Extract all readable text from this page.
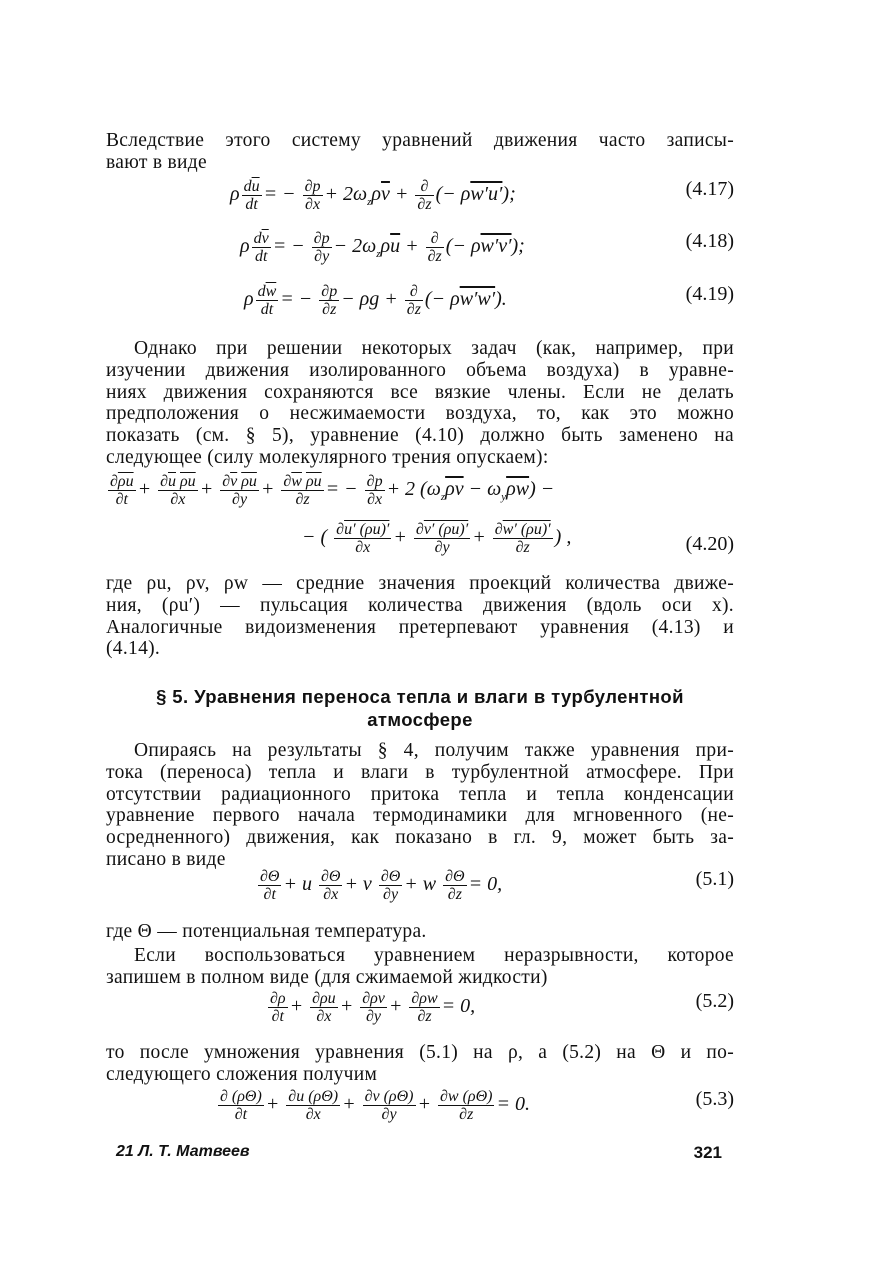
Вследствие этого систему уравнений движения часто записы-
вают в виде
ρ $\frac{d\overline{u}}{dt}$ = − $\frac{\partial p}{\partial x} + 2\omega_z\rho\overline{v} + \frac{\partial}{\partial z}$ (− ρw′u′);	(4.17)
ρ $\frac{d\overline{v}}{dt}$ = − $\frac{\partial p}{\partial y} - 2\omega_z\rho\overline{u} + \frac{\partial}{\partial z}$ (− ρw′v′);	(4.18)
ρ $\frac{d\overline{w}}{dt}$ = − $\frac{\partial p}{\partial z} - \rho g + \frac{\partial}{\partial z}$ (− ρw′w′).	(4.19)
Однако при решении некоторых задач (как, например, при
изучении движения изолированного объема воздуха) в уравне-
ниях движения сохраняются все вязкие члены. Если не делать
предположения о несжимаемости воздуха, то, как это можно
показать (см. § 5), уравнение (4.10) должно быть заменено на
следующее (силу молекулярного трения опускаем):
$\frac{\partial\overline{\rho u}}{\partial t} + \frac{\partial\overline{u} \overline{\rho u}}{\partial x} + \frac{\partial\overline{v} \overline{\rho u}}{\partial y} + \frac{\partial\overline{w} \overline{\rho u}}{\partial z}$ = − $\frac{\partial p}{\partial x} + 2$ $(\omega_z\overline{\rho v} - \omega_y\overline{\rho w})$ −
− ( $\frac{\partial u' (\rho u)'}{\partial x} + \frac{\partial v' (\rho u)'}{\partial y} + \frac{\partial w' (\rho u)'}{\partial z}$ ) ,	(4.20)
где ρu, ρv, ρw — средние значения проекций количества движе-
ния, (ρu′) — пульсация количества движения (вдоль оси x).
Аналогичные видоизменения претерпевают уравнения (4.13) и
(4.14).
§ 5. Уравнения переноса тепла и влаги в турбулентной
атмосфере
Опираясь на результаты § 4, получим также уравнения при-
тока (переноса) тепла и влаги в турбулентной атмосфере. При
отсутствии радиационного притока тепла и тепла конденсации
уравнение первого начала термодинамики для мгновенного (не-
осредненного) движения, как показано в гл. 9, может быть за-
писано в виде
$\frac{\partial\Theta}{\partial t} + u \frac{\partial\Theta}{\partial x} + v \frac{\partial\Theta}{\partial y} + w \frac{\partial\Theta}{\partial z} = 0$,	(5.1)
где Θ — потенциальная температура.
Если воспользоваться уравнением неразрывности, которое
запишем в полном виде (для сжимаемой жидкости)
$\frac{\partial\rho}{\partial t} + \frac{\partial\rho u}{\partial x} + \frac{\partial\rho v}{\partial y} + \frac{\partial\rho w}{\partial z} = 0$,	(5.2)
то после умножения уравнения (5.1) на ρ, а (5.2) на Θ и по-
следующего сложения получим
$\frac{\partial (\rho\Theta)}{\partial t} + \frac{\partial u (\rho\Theta)}{\partial x} + \frac{\partial v (\rho\Theta)}{\partial y} + \frac{\partial w (\rho\Theta)}{\partial z} = 0$.	(5.3)
21 Л. Т. Матвеев	321
